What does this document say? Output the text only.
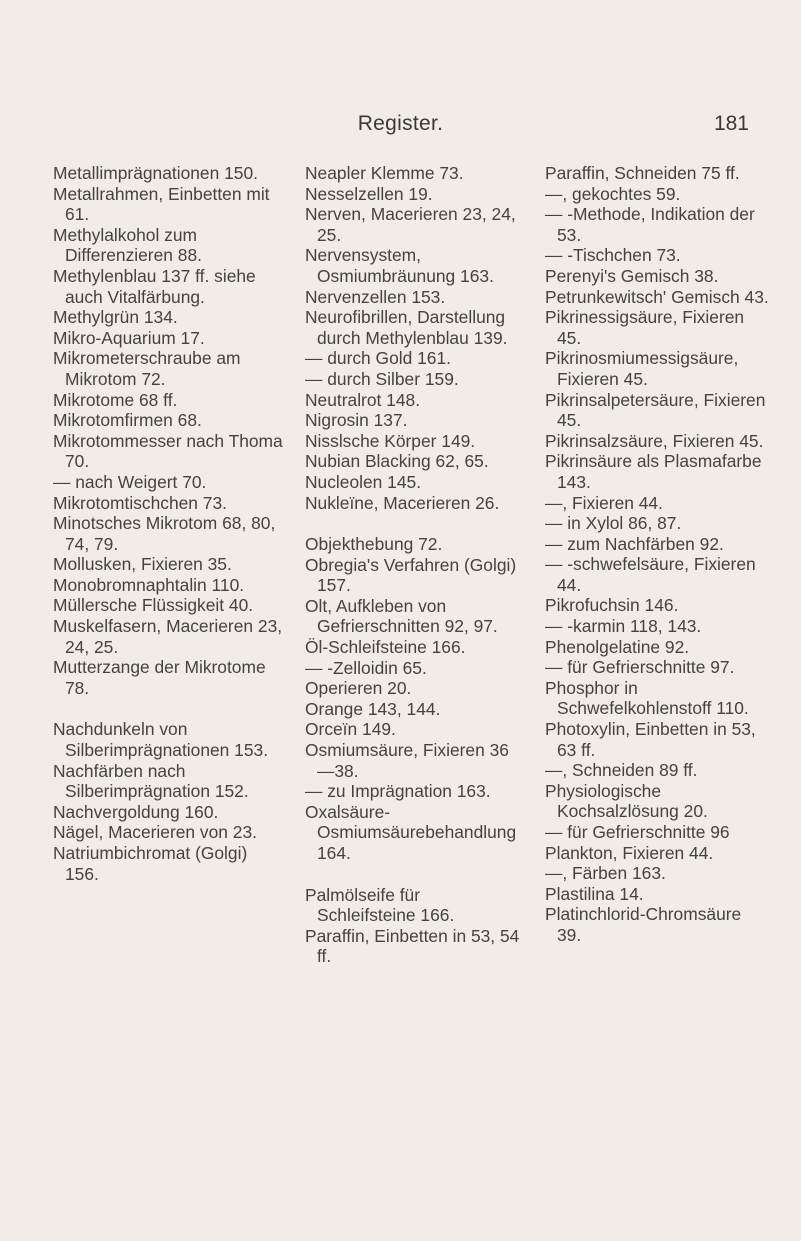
Register.	181
Metallimprägnationen 150.
Metallrahmen, Einbetten mit 61.
Methylalkohol zum Differenzieren 88.
Methylenblau 137 ff. siehe auch Vitalfärbung.
Methylgrün 134.
Mikro-Aquarium 17.
Mikrometerschraube am Mikrotom 72.
Mikrotome 68 ff.
Mikrotomfirmen 68.
Mikrotommesser nach Thoma 70.
— nach Weigert 70.
Mikrotomtischchen 73.
Minotsches Mikrotom 68, 80, 74, 79.
Mollusken, Fixieren 35.
Monobromnaphtalin 110.
Müllersche Flüssigkeit 40.
Muskelfasern, Macerieren 23, 24, 25.
Mutterzange der Mikrotome 78.
Nachdunkeln von Silberimprägnationen 153.
Nachfärben nach Silberimprägnation 152.
Nachvergoldung 160.
Nägel, Macerieren von 23.
Natriumbichromat (Golgi) 156.
Neapler Klemme 73.
Nesselzellen 19.
Nerven, Macerieren 23, 24, 25.
Nervensystem, Osmiumbräunung 163.
Nervenzellen 153.
Neurofibrillen, Darstellung durch Methylenblau 139.
— durch Gold 161.
— durch Silber 159.
Neutralrot 148.
Nigrosin 137.
Nisslsche Körper 149.
Nubian Blacking 62, 65.
Nucleolen 145.
Nukleïne, Macerieren 26.
Objekthebung 72.
Obregia's Verfahren (Golgi) 157.
Olt, Aufkleben von Gefrierschnitten 92, 97.
Öl-Schleifsteine 166.
— -Zelloidin 65.
Operieren 20.
Orange 143, 144.
Orceïn 149.
Osmiumsäure, Fixieren 36—38.
— zu Imprägnation 163.
Oxalsäure-Osmiumsäurebehandlung 164.
Palmölseife für Schleifsteine 166.
Paraffin, Einbetten in 53, 54 ff.
Paraffin, Schneiden 75 ff.
—, gekochtes 59.
— -Methode, Indikation der 53.
— -Tischchen 73.
Perenyi's Gemisch 38.
Petrunkewitsch' Gemisch 43.
Pikrinessigsäure, Fixieren 45.
Pikrinosmiumessigsäure, Fixieren 45.
Pikrinsalpetersäure, Fixieren 45.
Pikrinsalzsäure, Fixieren 45.
Pikrinsäure als Plasmafarbe 143.
—, Fixieren 44.
— in Xylol 86, 87.
— zum Nachfärben 92.
— -schwefelsäure, Fixieren 44.
Pikrofuchsin 146.
— -karmin 118, 143.
Phenolgelatine 92.
— für Gefrierschnitte 97.
Phosphor in Schwefelkohlenstoff 110.
Photoxylin, Einbetten in 53, 63 ff.
—, Schneiden 89 ff.
Physiologische Kochsalzlösung 20.
— für Gefrierschnitte 96
Plankton, Fixieren 44.
—, Färben 163.
Plastilina 14.
Platinchlorid-Chromsäure 39.
